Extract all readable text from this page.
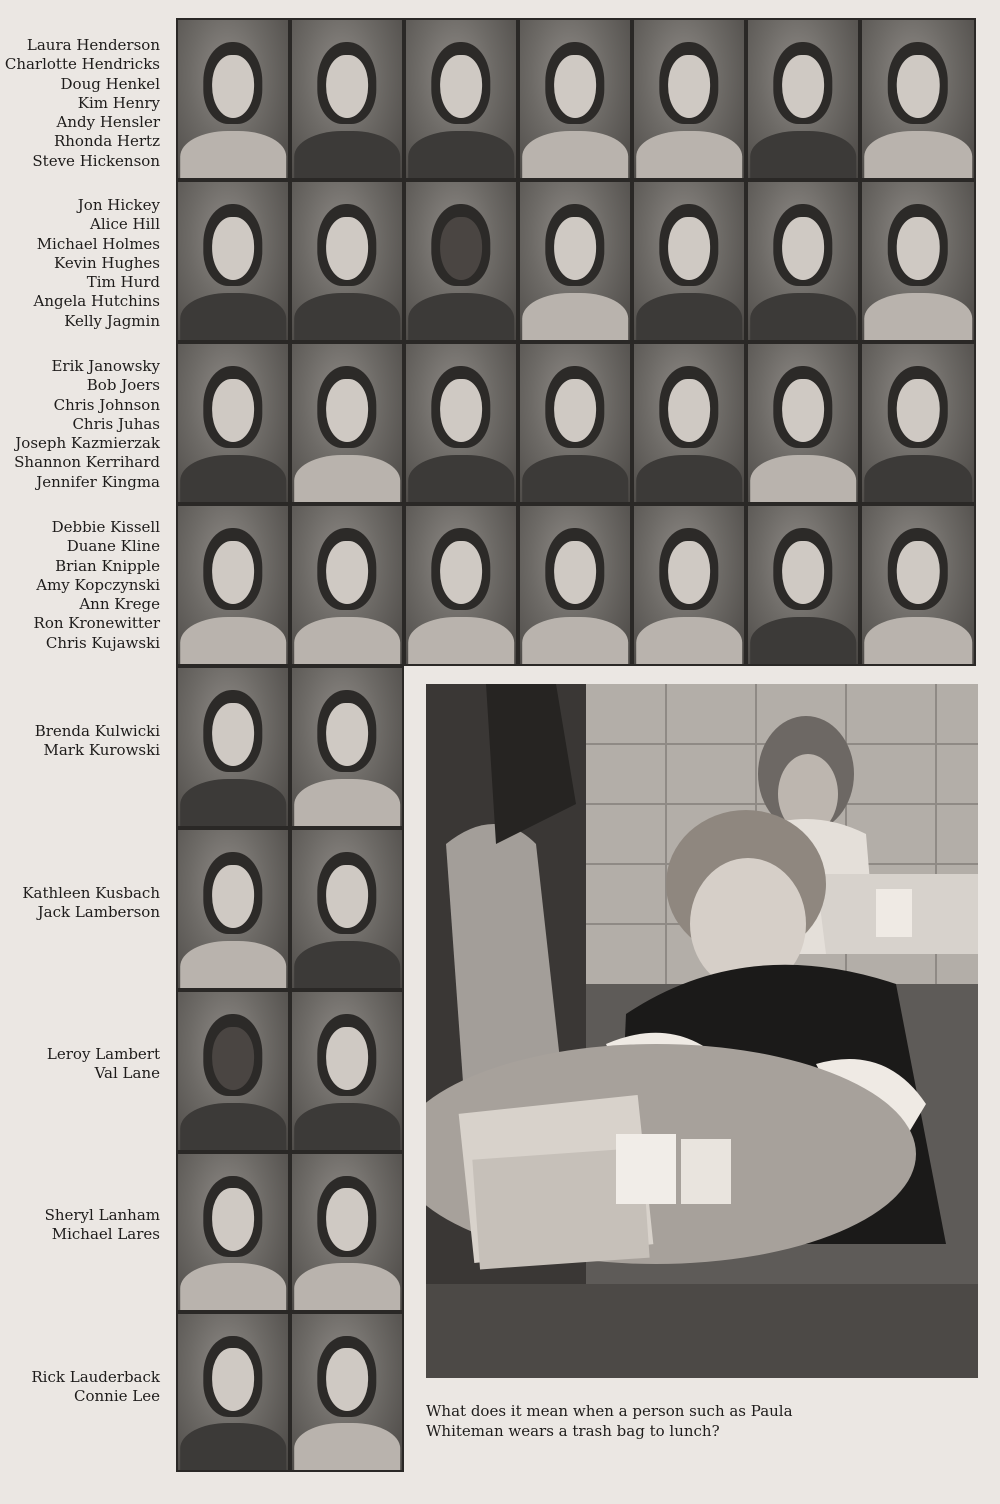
Laura Henderson
Charlotte Hendricks
Doug Henkel
Kim Henry
Andy Hensler
Rhonda Hertz
Steve Hickenson
Jon Hickey
Alice Hill
Michael Holmes
Kevin Hughes
Tim Hurd
Angela Hutchins
Kelly Jagmin
Erik Janowsky
Bob Joers
Chris Johnson
Chris Juhas
Joseph Kazmierzak
Shannon Kerrihard
Jennifer Kingma
Debbie Kissell
Duane Kline
Brian Knipple
Amy Kopczynski
Ann Krege
Ron Kronewitter
Chris Kujawski
Brenda Kulwicki
Mark Kurowski
Kathleen Kusbach
Jack Lamberson
Leroy Lambert
Val Lane
Sheryl Lanham
Michael Lares
Rick Lauderback
Connie Lee
What does it mean when a person such as Paula Whiteman wears a trash bag to lunch?
